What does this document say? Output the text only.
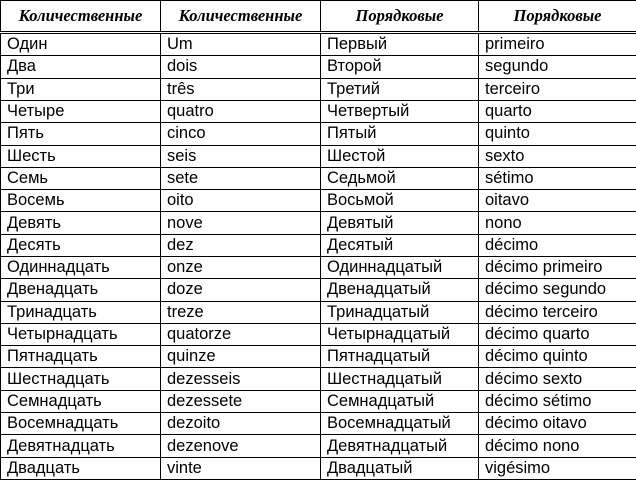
Количественные	Количественные	Порядковые	Порядковые
Один	Um	Первый	primeiro
Два	dois	Второй	segundo
Три	três	Третий	terceiro
Четыре	quatro	Четвертый	quarto
Пять	cinco	Пятый	quinto
Шесть	seis	Шестой	sexto
Семь	sete	Седьмой	sétimo
Восемь	oito	Восьмой	oitavo
Девять	nove	Девятый	nono
Десять	dez	Десятый	décimo
Одиннадцать	onze	Одиннадцатый	décimo primeiro
Двенадцать	doze	Двенадцатый	décimo segundo
Тринадцать	treze	Тринадцатый	décimo terceiro
Четырнадцать	quatorze	Четырнадцатый	décimo quarto
Пятнадцать	quinze	Пятнадцатый	décimo quinto
Шестнадцать	dezesseis	Шестнадцатый	décimo sexto
Семнадцать	dezessete	Семнадцатый	décimo sétimo
Восемнадцать	dezoito	Восемнадцатый	décimo oitavo
Девятнадцать	dezenove	Девятнадцатый	décimo nono
Двадцать	vinte	Двадцатый	vigésimo
